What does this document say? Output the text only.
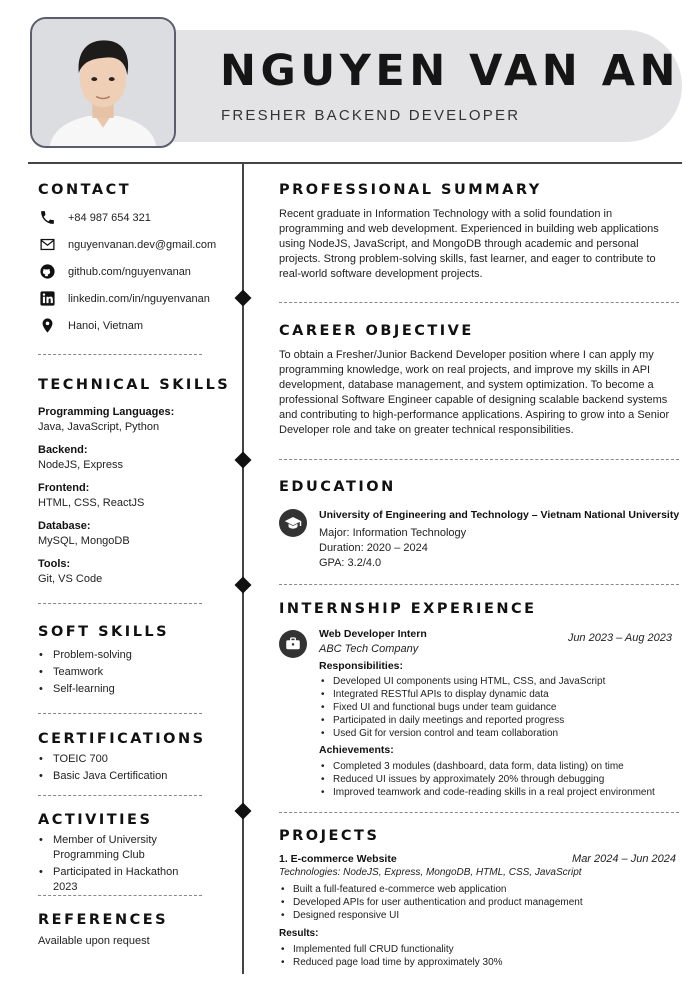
NGUYEN VAN AN
FRESHER BACKEND DEVELOPER
CONTACT
+84 987 654 321
nguyenvanan.dev@gmail.com
github.com/nguyenvanan
linkedin.com/in/nguyenvanan
Hanoi, Vietnam
TECHNICAL SKILLS
Programming Languages:
Java, JavaScript, Python
Backend:
NodeJS, Express
Frontend:
HTML, CSS, ReactJS
Database:
MySQL, MongoDB
Tools:
Git, VS Code
SOFT SKILLS
• Problem-solving
• Teamwork
• Self-learning
CERTIFICATIONS
• TOEIC 700
• Basic Java Certification
ACTIVITIES
• Member of University Programming Club
• Participated in Hackathon 2023
REFERENCES
Available upon request
PROFESSIONAL SUMMARY
Recent graduate in Information Technology with a solid foundation in programming and web development. Experienced in building web applications using NodeJS, JavaScript, and MongoDB through academic and personal projects. Strong problem-solving skills, fast learner, and eager to contribute to real-world software development projects.
CAREER OBJECTIVE
To obtain a Fresher/Junior Backend Developer position where I can apply my programming knowledge, work on real projects, and improve my skills in API development, database management, and system optimization. To become a professional Software Engineer capable of designing scalable backend systems and contributing to high-performance applications. Aspiring to grow into a Senior Developer role and take on greater technical responsibilities.
EDUCATION
University of Engineering and Technology – Vietnam National University
Major: Information Technology
Duration: 2020 – 2024
GPA: 3.2/4.0
INTERNSHIP EXPERIENCE
Web Developer Intern
ABC Tech Company
Jun 2023 – Aug 2023
Responsibilities:
• Developed UI components using HTML, CSS, and JavaScript
• Integrated RESTful APIs to display dynamic data
• Fixed UI and functional bugs under team guidance
• Participated in daily meetings and reported progress
• Used Git for version control and team collaboration
Achievements:
• Completed 3 modules (dashboard, data form, data listing) on time
• Reduced UI issues by approximately 20% through debugging
• Improved teamwork and code-reading skills in a real project environment
PROJECTS
1. E-commerce Website	Mar 2024 – Jun 2024
Technologies: NodeJS, Express, MongoDB, HTML, CSS, JavaScript
• Built a full-featured e-commerce web application
• Developed APIs for user authentication and product management
• Designed responsive UI
Results:
• Implemented full CRUD functionality
• Reduced page load time by approximately 30%
